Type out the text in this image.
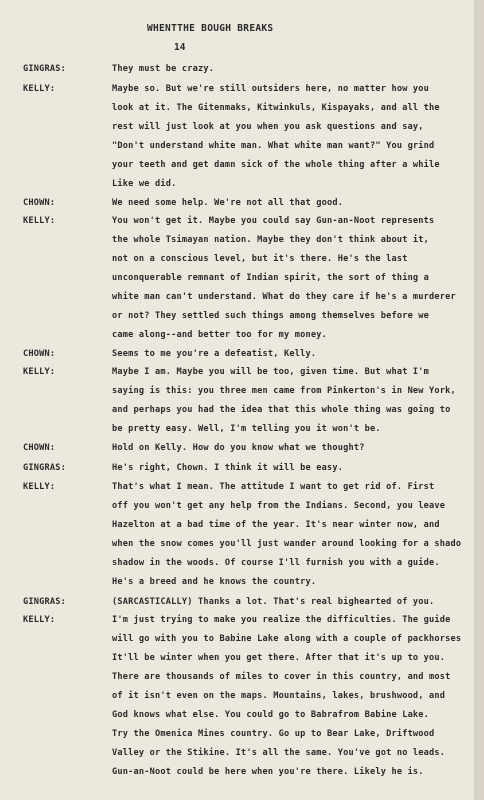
WHENTTHE BOUGH BREAKS
14
GINGRAS:	They must be crazy.
KELLY:	Maybe so. But we're still outsiders here, no matter how you
look at it. The Gitenmaks, Kitwinkuls, Kispayaks, and all the
rest will just look at you when you ask questions and say,
"Don't understand white man. What white man want?" You grind
your teeth and get damn sick of the whole thing after a while
Like we did.
CHOWN:	We need some help. We're not all that good.
KELLY:	You won't get it. Maybe you could say Gun-an-Noot represents
the whole Tsimayan nation. Maybe they don't think about it,
not on a conscious level, but it's there. He's the last
unconquerable remnant of Indian spirit, the sort of thing a
white man can't understand. What do they care if he's a murderer
or not? They settled such things among themselves before we
came along--and better too for my money.
CHOWN:	Seems to me you're a defeatist, Kelly.
KELLY:	Maybe I am. Maybe you will be too, given time. But what I'm
saying is this: you three men came from Pinkerton's in New York,
and perhaps you had the idea that this whole thing was going to
be pretty easy. Well, I'm telling you it won't be.
CHOWN:	Hold on Kelly. How do you know what we thought?
GINGRAS:	He's right, Chown. I think it will be easy.
KELLY:	That's what I mean. The attitude I want to get rid of. First
off you won't get any help from the Indians. Second, you leave
Hazelton at a bad time of the year. It's near winter now, and
when the snow comes you'll just wander around looking for a shado
shadow in the woods. Of course I'll furnish you with a guide.
He's a breed and he knows the country.
GINGRAS:	(SARCASTICALLY) Thanks a lot. That's real bighearted of you.
KELLY:	I'm just trying to make you realize the difficulties. The guide
will go with you to Babine Lake along with a couple of packhorses
It'll be winter when you get there. After that it's up to you.
There are thousands of miles to cover in this country, and most
of it isn't even on the maps. Mountains, lakes, brushwood, and
God knows what else. You could go to Babrafrom Babine Lake.
Try the Omenica Mines country. Go up to Bear Lake, Driftwood
Valley or the Stikine. It's all the same. You've got no leads.
Gun-an-Noot could be here when you're there. Likely he is.
